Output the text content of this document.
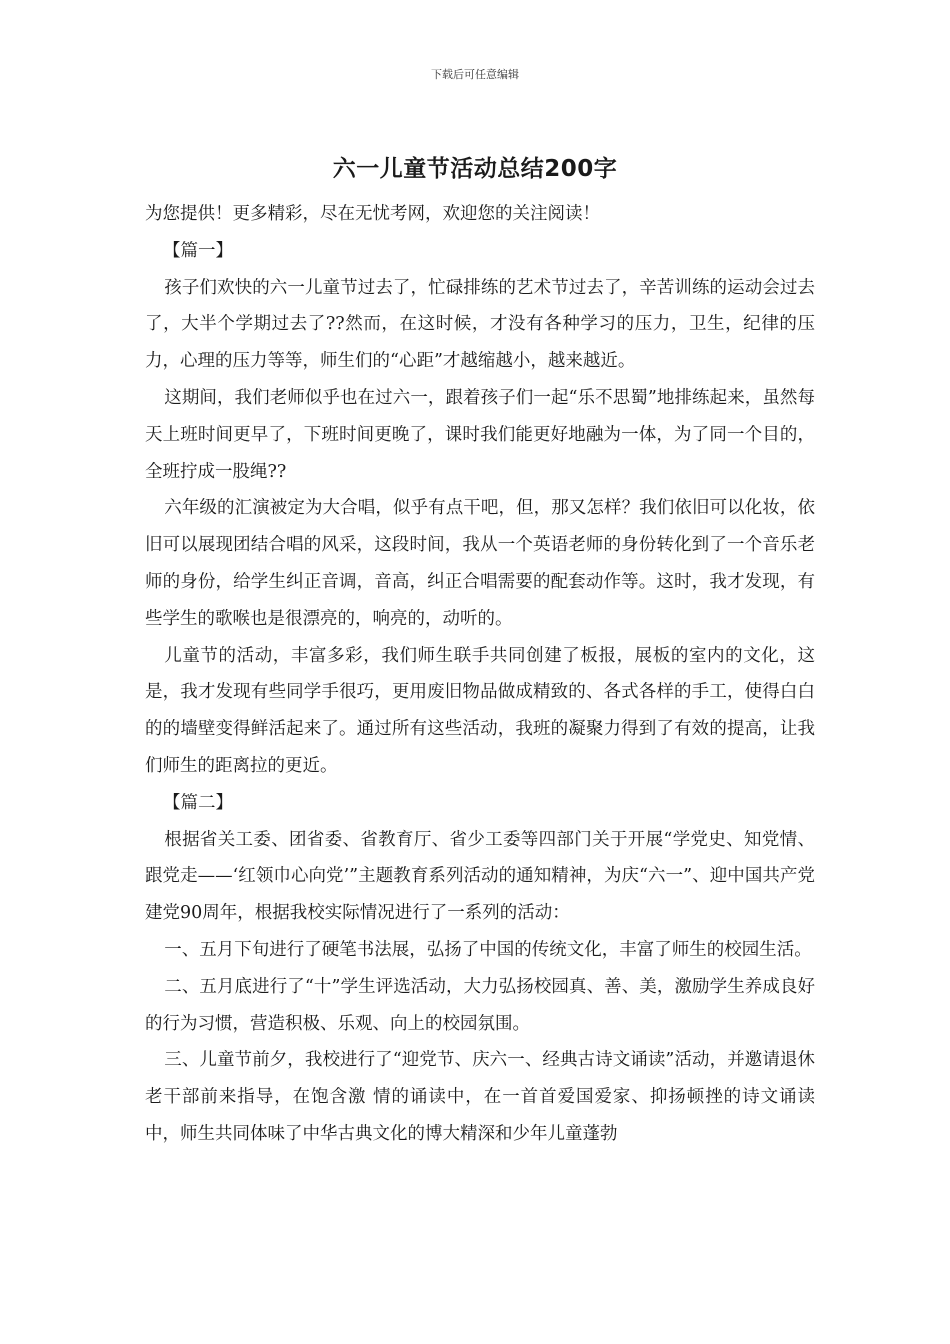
下载后可任意编辑
六一儿童节活动总结200字

为您提供！更多精彩，尽在无忧考网，欢迎您的关注阅读！

【篇一】

孩子们欢快的六一儿童节过去了，忙碌排练的艺术节过去了，辛苦训练的运动会过去了，大半个学期过去了??然而，在这时候，才没有各种学习的压力，卫生，纪律的压力，心理的压力等等，师生们的“心距”才越缩越小，越来越近。

这期间，我们老师似乎也在过六一，跟着孩子们一起“乐不思蜀”地排练起来，虽然每天上班时间更早了，下班时间更晚了，课时我们能更好地融为一体，为了同一个目的，全班拧成一股绳??

六年级的汇演被定为大合唱，似乎有点干吧，但，那又怎样？我们依旧可以化妆，依旧可以展现团结合唱的风采，这段时间，我从一个英语老师的身份转化到了一个音乐老师的身份，给学生纠正音调，音高，纠正合唱需要的配套动作等。这时，我才发现，有些学生的歌喉也是很漂亮的，响亮的，动听的。

儿童节的活动，丰富多彩，我们师生联手共同创建了板报，展板的室内的文化，这是，我才发现有些同学手很巧，更用废旧物品做成精致的、各式各样的手工，使得白白的的墙壁变得鲜活起来了。通过所有这些活动，我班的凝聚力得到了有效的提高，让我们师生的距离拉的更近。

【篇二】

根据省关工委、团省委、省教育厅、省少工委等四部门关于开展“学党史、知党情、跟党走——‘红领巾心向党’”主题教育系列活动的通知精神，为庆“六一”、迎中国共产党建党90周年，根据我校实际情况进行了一系列的活动：

一、五月下旬进行了硬笔书法展，弘扬了中国的传统文化，丰富了师生的校园生活。

二、五月底进行了“十”学生评选活动，大力弘扬校园真、善、美，激励学生养成良好的行为习惯，营造积极、乐观、向上的校园氛围。

三、儿童节前夕，我校进行了“迎党节、庆六一、经典古诗文诵读”活动，并邀请退休老干部前来指导，在饱含激 情的诵读中，在一首首爱国爱家、抑扬顿挫的诗文诵读中，师生共同体味了中华古典文化的博大精深和少年儿童蓬勃
